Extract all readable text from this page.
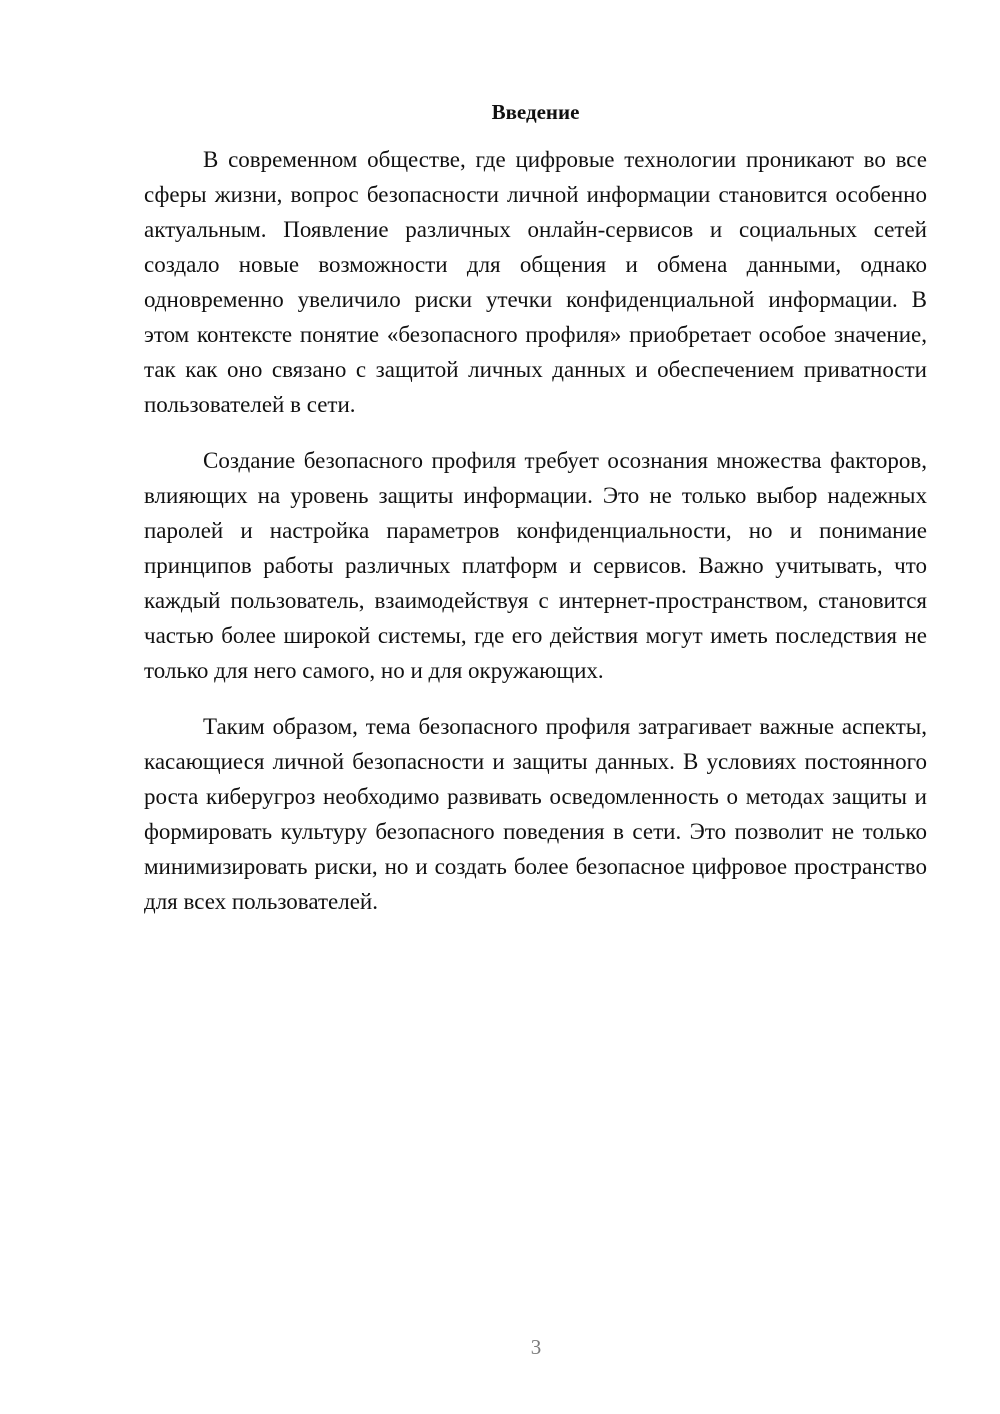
Введение

В современном обществе, где цифровые технологии проникают во все сферы жизни, вопрос безопасности личной информации становится особенно актуальным. Появление различных онлайн-сервисов и социальных сетей создало новые возможности для общения и обмена данными, однако одновременно увеличило риски утечки конфиденциальной информации. В этом контексте понятие «безопасного профиля» приобретает особое значение, так как оно связано с защитой личных данных и обеспечением приватности пользователей в сети.

Создание безопасного профиля требует осознания множества факторов, влияющих на уровень защиты информации. Это не только выбор надежных паролей и настройка параметров конфиденциальности, но и понимание принципов работы различных платформ и сервисов. Важно учитывать, что каждый пользователь, взаимодействуя с интернет-пространством, становится частью более широкой системы, где его действия могут иметь последствия не только для него самого, но и для окружающих.

Таким образом, тема безопасного профиля затрагивает важные аспекты, касающиеся личной безопасности и защиты данных. В условиях постоянного роста киберугроз необходимо развивать осведомленность о методах защиты и формировать культуру безопасного поведения в сети. Это позволит не только минимизировать риски, но и создать более безопасное цифровое пространство для всех пользователей.

3
